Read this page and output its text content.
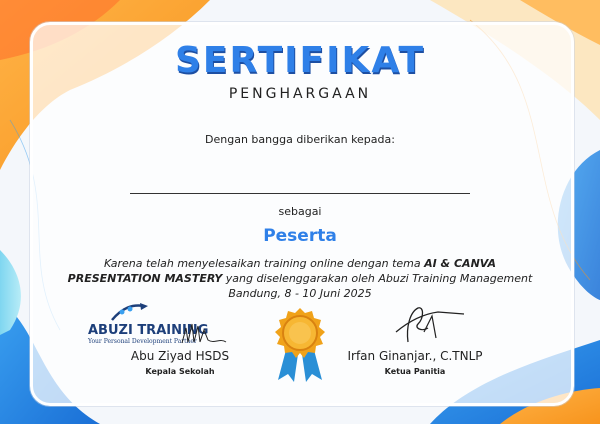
SERTIFIKAT
PENGHARGAAN
Dengan bangga diberikan kepada:
sebagai
Peserta
Karena telah menyelesaikan training online dengan tema AI & CANVA
PRESENTATION MASTERY yang diselenggarakan oleh Abuzi Training Management
Bandung, 8 - 10 Juni 2025
ABUZI TRAINING
Your Personal Development Partner
Abu Ziyad HSDS
Kepala Sekolah
Irfan Ginanjar., C.TNLP
Ketua Panitia
